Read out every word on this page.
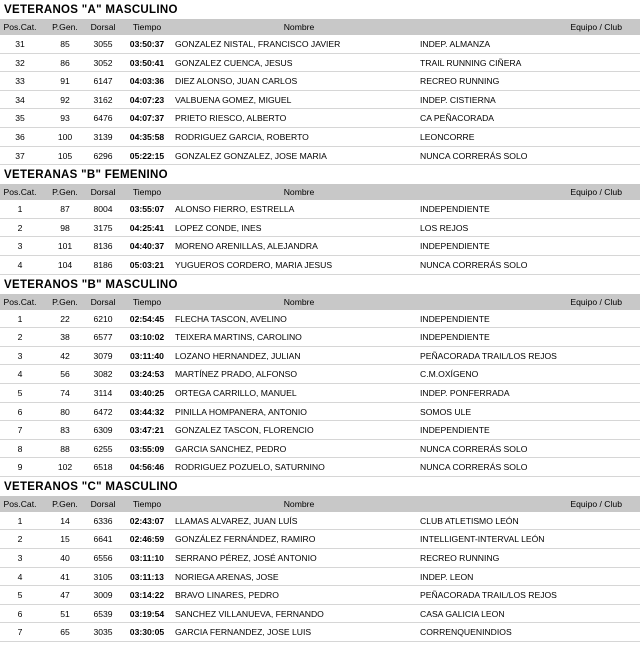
VETERANOS "A" MASCULINO
Pos.Cat.	P.Gen.	Dorsal	Tiempo	Nombre	Equipo / Club
31	85	3055	03:50:37	GONZALEZ NISTAL, FRANCISCO JAVIER	INDEP. ALMANZA
32	86	3052	03:50:41	GONZALEZ CUENCA, JESUS	TRAIL RUNNING CIÑERA
33	91	6147	04:03:36	DIEZ ALONSO, JUAN CARLOS	RECREO RUNNING
34	92	3162	04:07:23	VALBUENA GOMEZ, MIGUEL	INDEP. CISTIERNA
35	93	6476	04:07:37	PRIETO RIESCO, ALBERTO	CA PEÑACORADA
36	100	3139	04:35:58	RODRIGUEZ GARCIA, ROBERTO	LEONCORRE
37	105	6296	05:22:15	GONZALEZ GONZALEZ, JOSE MARIA	NUNCA CORRERÁS SOLO
VETERANAS "B" FEMENINO
Pos.Cat.	P.Gen.	Dorsal	Tiempo	Nombre	Equipo / Club
1	87	8004	03:55:07	ALONSO FIERRO, ESTRELLA	INDEPENDIENTE
2	98	3175	04:25:41	LOPEZ CONDE, INES	LOS REJOS
3	101	8136	04:40:37	MORENO ARENILLAS, ALEJANDRA	INDEPENDIENTE
4	104	8186	05:03:21	YUGUEROS CORDERO, MARIA JESUS	NUNCA CORRERÁS SOLO
VETERANOS "B" MASCULINO
Pos.Cat.	P.Gen.	Dorsal	Tiempo	Nombre	Equipo / Club
1	22	6210	02:54:45	FLECHA TASCON, AVELINO	INDEPENDIENTE
2	38	6577	03:10:02	TEIXERA MARTINS, CAROLINO	INDEPENDIENTE
3	42	3079	03:11:40	LOZANO HERNANDEZ, JULIAN	PEÑACORADA TRAIL/LOS REJOS
4	56	3082	03:24:53	MARTÍNEZ PRADO, ALFONSO	C.M.OXÍGENO
5	74	3114	03:40:25	ORTEGA CARRILLO, MANUEL	INDEP. PONFERRADA
6	80	6472	03:44:32	PINILLA HOMPANERA, ANTONIO	SOMOS ULE
7	83	6309	03:47:21	GONZALEZ TASCON, FLORENCIO	INDEPENDIENTE
8	88	6255	03:55:09	GARCIA SANCHEZ, PEDRO	NUNCA CORRERÁS SOLO
9	102	6518	04:56:46	RODRIGUEZ POZUELO, SATURNINO	NUNCA CORRERÁS SOLO
VETERANOS "C" MASCULINO
Pos.Cat.	P.Gen.	Dorsal	Tiempo	Nombre	Equipo / Club
1	14	6336	02:43:07	LLAMAS ALVAREZ, JUAN LUÍS	CLUB ATLETISMO LEÓN
2	15	6641	02:46:59	GONZÁLEZ FERNÁNDEZ, RAMIRO	INTELLIGENT-INTERVAL LEÓN
3	40	6556	03:11:10	SERRANO PÉREZ, JOSÉ ANTONIO	RECREO RUNNING
4	41	3105	03:11:13	NORIEGA ARENAS, JOSE	INDEP. LEON
5	47	3009	03:14:22	BRAVO LINARES, PEDRO	PEÑACORADA TRAIL/LOS REJOS
6	51	6539	03:19:54	SANCHEZ VILLANUEVA, FERNANDO	CASA GALICIA LEON
7	65	3035	03:30:05	GARCIA FERNANDEZ, JOSE LUIS	CORRENQUENINDIOS
